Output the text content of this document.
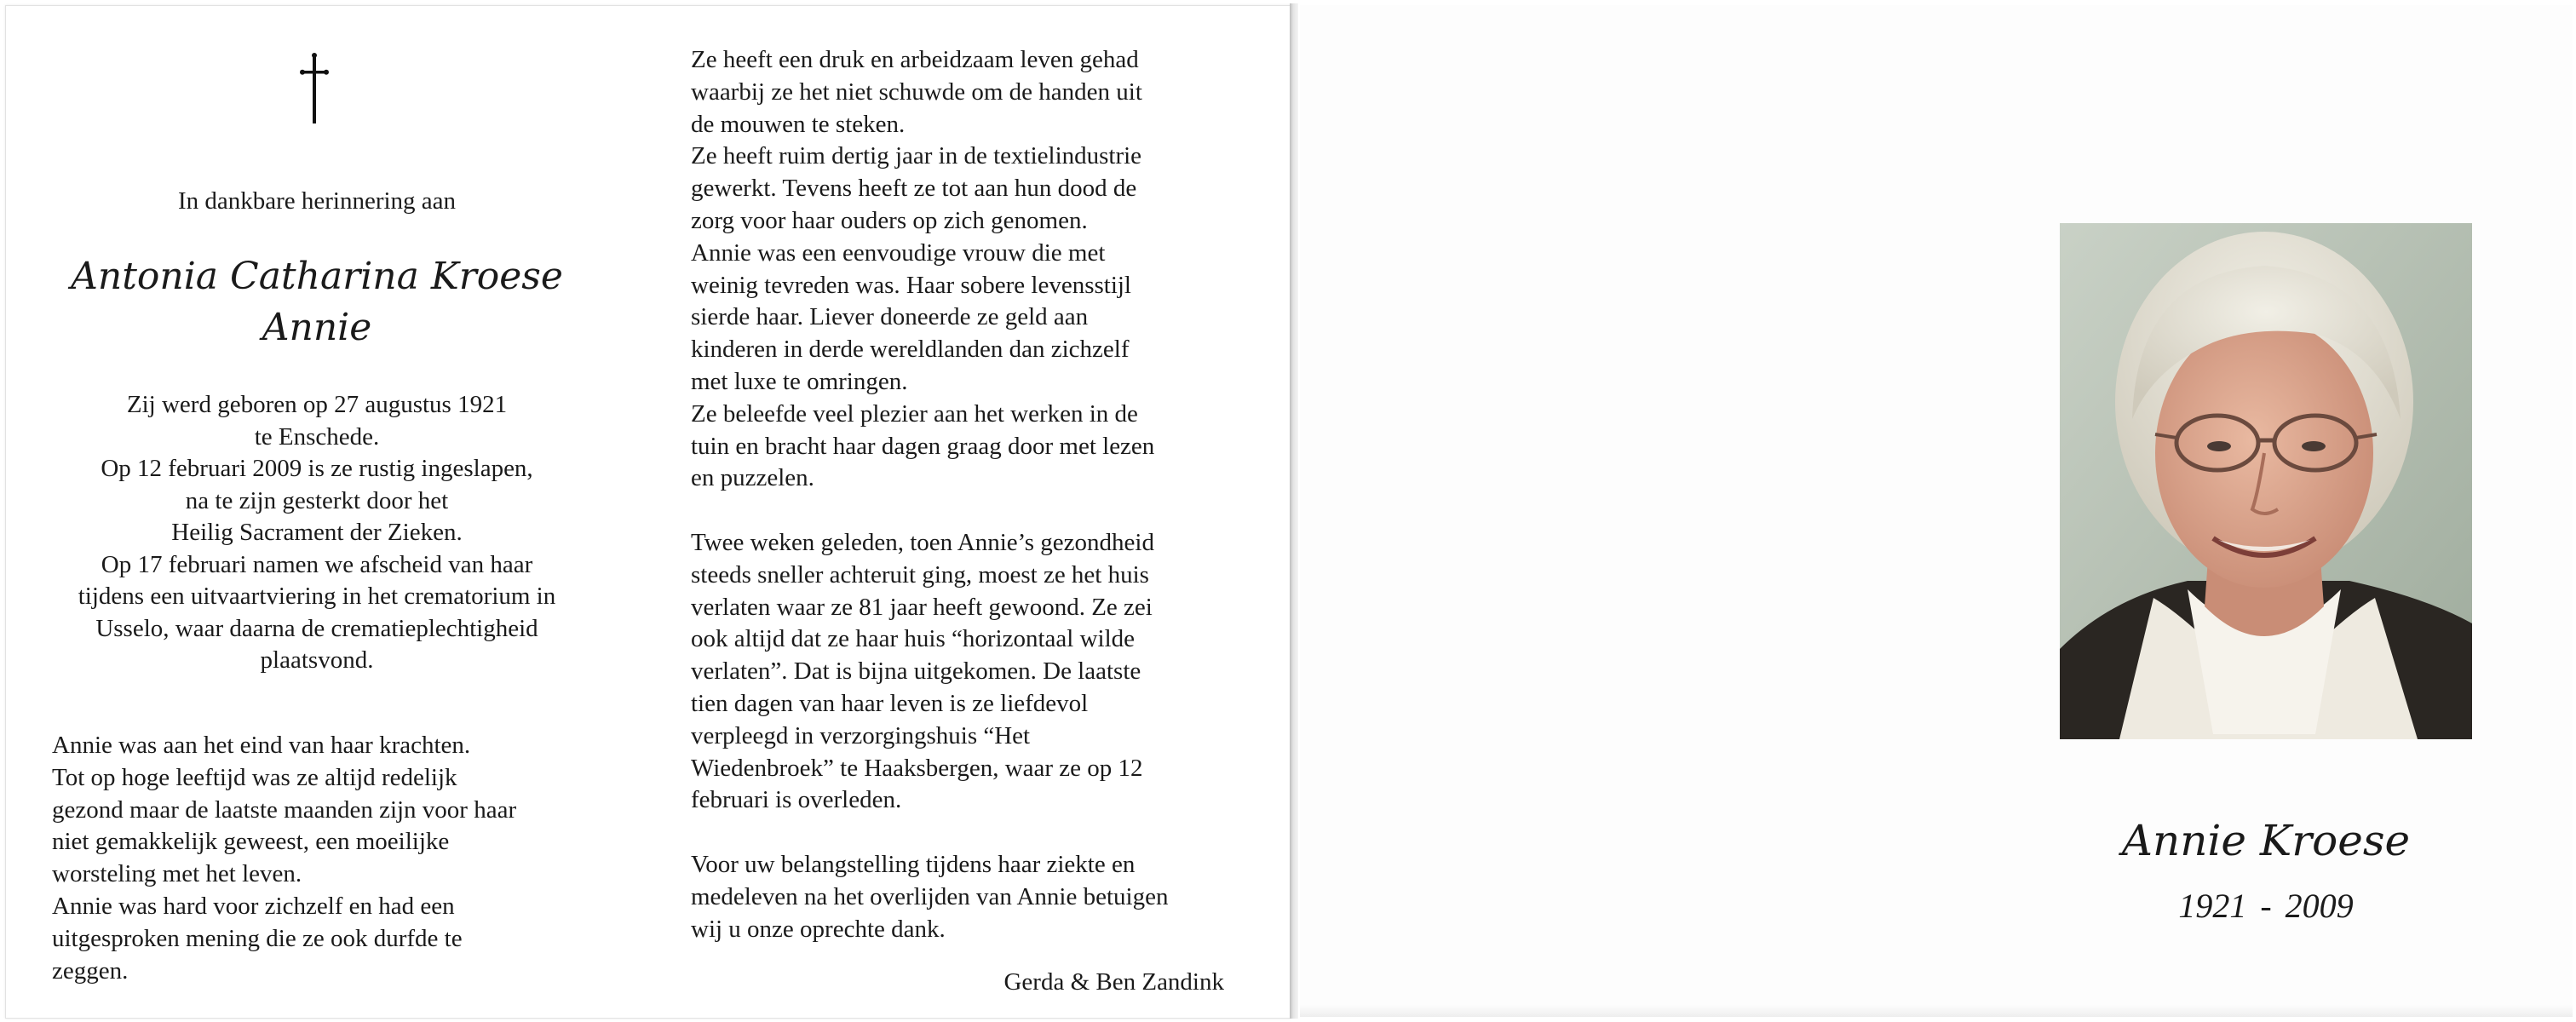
In dankbare herinnering aan
Antonia Catharina Kroese
Annie
Zij werd geboren op 27 augustus 1921
te Enschede.
Op 12 februari 2009 is ze rustig ingeslapen,
na te zijn gesterkt door het
Heilig Sacrament der Zieken.
Op 17 februari namen we afscheid van haar
tijdens een uitvaartviering in het crematorium in
Usselo, waar daarna de crematieplechtigheid
plaatsvond.
Annie was aan het eind van haar krachten.
Tot op hoge leeftijd was ze altijd redelijk
gezond maar de laatste maanden zijn voor haar
niet gemakkelijk geweest, een moeilijke
worsteling met het leven.
Annie was hard voor zichzelf en had een
uitgesproken mening die ze ook durfde te
zeggen.
Ze heeft een druk en arbeidzaam leven gehad
waarbij ze het niet schuwde om de handen uit
de mouwen te steken.
Ze heeft ruim dertig jaar in de textielindustrie
gewerkt. Tevens heeft ze tot aan hun dood de
zorg voor haar ouders op zich genomen.
Annie was een eenvoudige vrouw die met
weinig tevreden was. Haar sobere levensstijl
sierde haar. Liever doneerde ze geld aan
kinderen in derde wereldlanden dan zichzelf
met luxe te omringen.
Ze beleefde veel plezier aan het werken in de
tuin en bracht haar dagen graag door met lezen
en puzzelen.
Twee weken geleden, toen Annie’s gezondheid
steeds sneller achteruit ging, moest ze het huis
verlaten waar ze 81 jaar heeft gewoond. Ze zei
ook altijd dat ze haar huis “horizontaal wilde
verlaten”. Dat is bijna uitgekomen. De laatste
tien dagen van haar leven is ze liefdevol
verpleegd in verzorgingshuis “Het
Wiedenbroek” te Haaksbergen, waar ze op 12
februari is overleden.
Voor uw belangstelling tijdens haar ziekte en
medeleven na het overlijden van Annie betuigen
wij u onze oprechte dank.
Gerda & Ben Zandink
Annie Kroese
1921 - 2009
